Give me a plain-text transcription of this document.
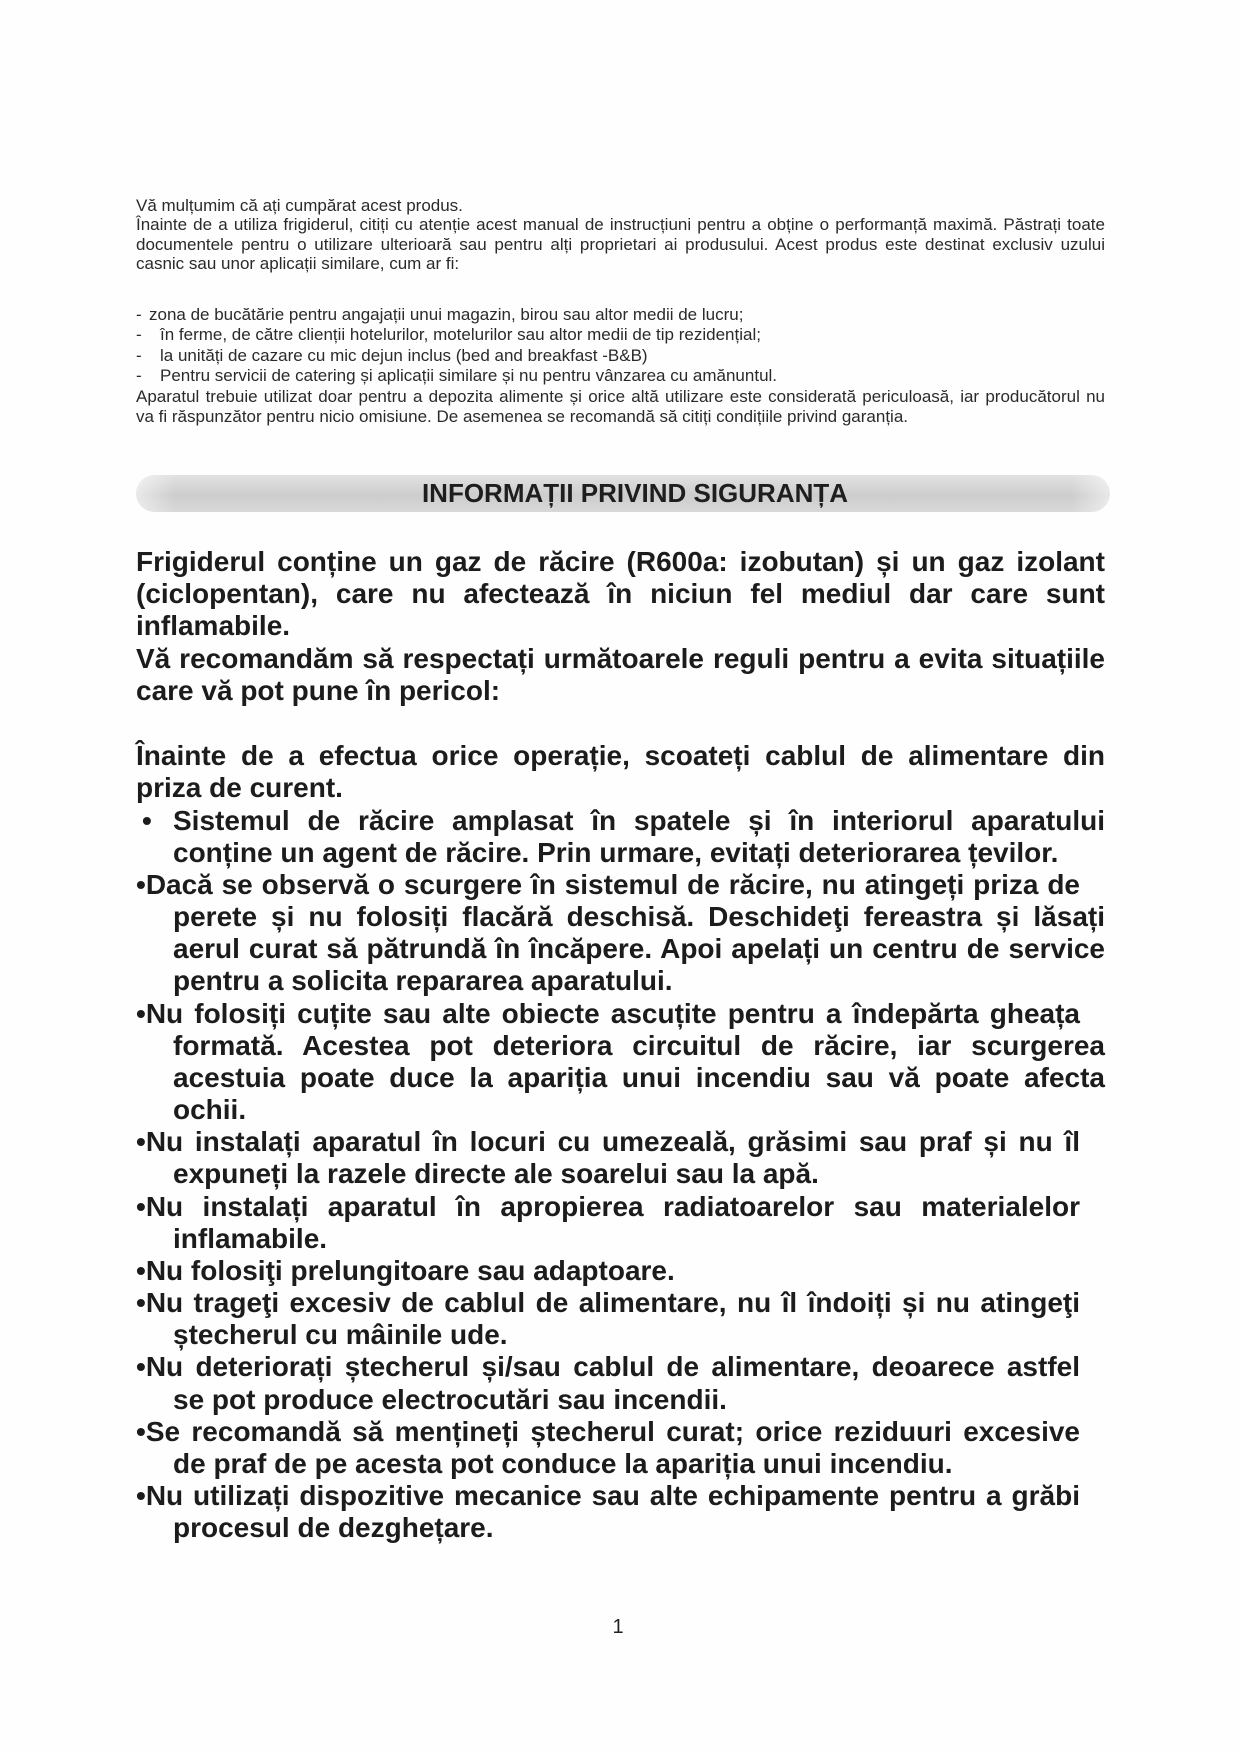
Vă mulțumim că ați cumpărat acest produs.
Înainte de a utiliza frigiderul, citiți cu atenție acest manual de instrucțiuni pentru a obține o performanță maximă. Păstrați toate
documentele pentru o utilizare ulterioară sau pentru alți proprietari ai produsului. Acest produs este destinat exclusiv uzului
casnic sau unor aplicații similare, cum ar fi:
- zona de bucătărie pentru angajații unui magazin, birou sau altor medii de lucru;
- în ferme, de către clienții hotelurilor, motelurilor sau altor medii de tip rezidențial;
- la unități de cazare cu mic dejun inclus (bed and breakfast -B&B)
- Pentru servicii de catering și aplicații similare și nu pentru vânzarea cu amănuntul.
Aparatul trebuie utilizat doar pentru a depozita alimente și orice altă utilizare este considerată periculoasă, iar producătorul nu
va fi răspunzător pentru nicio omisiune. De asemenea se recomandă să citiți condițiile privind garanția.
INFORMAȚII PRIVIND SIGURANȚA
Frigiderul conține un gaz de răcire (R600a: izobutan) și un gaz izolant
(ciclopentan), care nu afectează în niciun fel mediul dar care sunt
inflamabile.
Vă recomandăm să respectați următoarele reguli pentru a evita situațiile
care vă pot pune în pericol:
Înainte de a efectua orice operație, scoateți cablul de alimentare din
priza de curent.
• Sistemul de răcire amplasat în spatele și în interiorul aparatului
conține un agent de răcire. Prin urmare, evitați deteriorarea țevilor.
•Dacă se observă o scurgere în sistemul de răcire, nu atingeți priza de
perete și nu folosiți flacără deschisă. Deschideţi fereastra și lăsați
aerul curat să pătrundă în încăpere. Apoi apelați un centru de service
pentru a solicita repararea aparatului.
•Nu folosiți cuțite sau alte obiecte ascuțite pentru a îndepărta gheața
formată. Acestea pot deteriora circuitul de răcire, iar scurgerea
acestuia poate duce la apariția unui incendiu sau vă poate afecta
ochii.
•Nu instalați aparatul în locuri cu umezeală, grăsimi sau praf și nu îl
expuneți la razele directe ale soarelui sau la apă.
•Nu instalați aparatul în apropierea radiatoarelor sau materialelor
inflamabile.
•Nu folosiţi prelungitoare sau adaptoare.
•Nu trageţi excesiv de cablul de alimentare, nu îl îndoiți și nu atingeţi
ștecherul cu mâinile ude.
•Nu deteriorați ștecherul și/sau cablul de alimentare, deoarece astfel
se pot produce electrocutări sau incendii.
•Se recomandă să mențineți ștecherul curat; orice reziduuri excesive
de praf de pe acesta pot conduce la apariția unui incendiu.
•Nu utilizați dispozitive mecanice sau alte echipamente pentru a grăbi
procesul de dezghețare.
1
